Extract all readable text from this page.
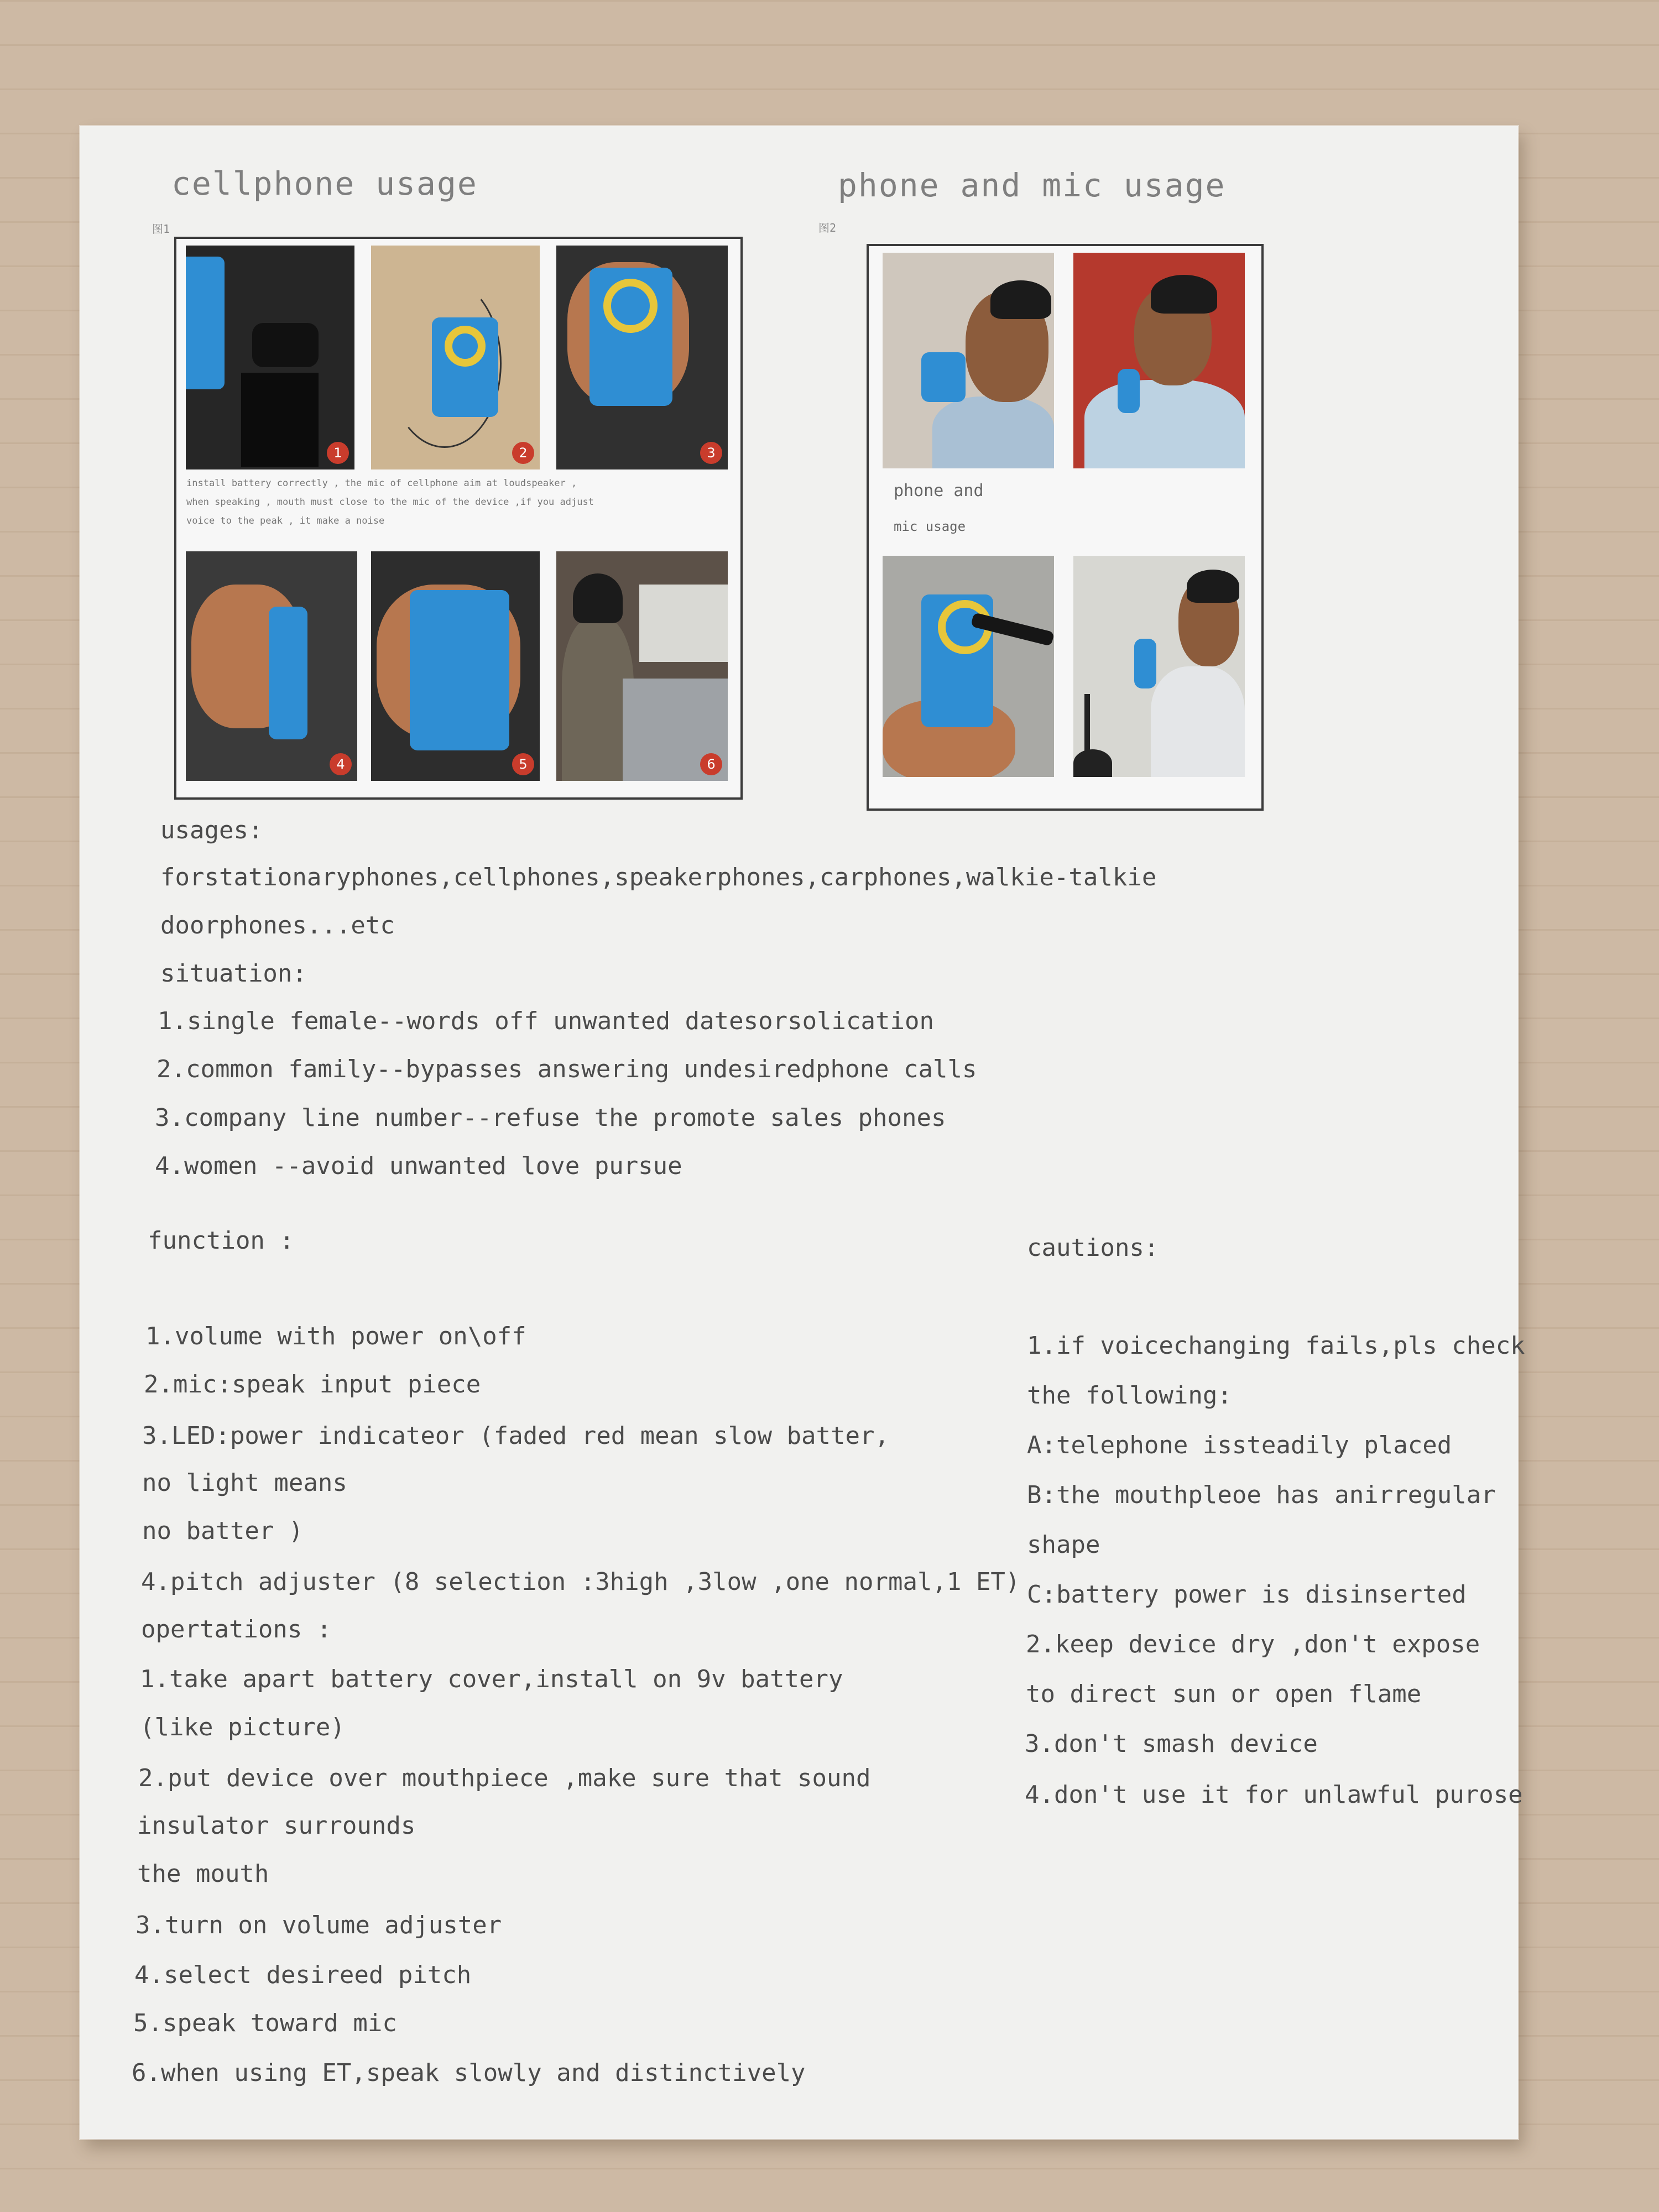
cellphone usage	phone and mic usage
图1	图2
1	2	3
install battery correctly , the mic of cellphone aim at loudspeaker ,
when speaking , mouth must close to the mic of the device ,if you adjust
voice to the peak , it make a noise
4	5	6
phone and
mic usage
usages:
forstationaryphones,cellphones,speakerphones,carphones,walkie-talkie
doorphones...etc
situation:
1.single female--words off unwanted datesorsolication
2.common family--bypasses answering undesiredphone calls
3.company line number--refuse the promote sales phones
4.women --avoid unwanted love pursue
function :
1.volume with power on\off
2.mic:speak input piece
3.LED:power indicateor (faded red mean slow batter,
no light means
no batter )
4.pitch adjuster (8 selection :3high ,3low ,one normal,1 ET)
opertations :
1.take apart battery cover,install on 9v battery
(like picture)
2.put device over mouthpiece ,make sure that sound
insulator surrounds
the mouth
3.turn on volume adjuster
4.select desireed pitch
5.speak toward mic
6.when using ET,speak slowly and distinctively
cautions:
1.if voicechanging fails,pls check
the following:
A:telephone issteadily placed
B:the mouthpleoe has anirregular
shape
C:battery power is disinserted
2.keep device dry ,don't expose
to direct sun or open flame
3.don't smash device
4.don't use it for unlawful purose
